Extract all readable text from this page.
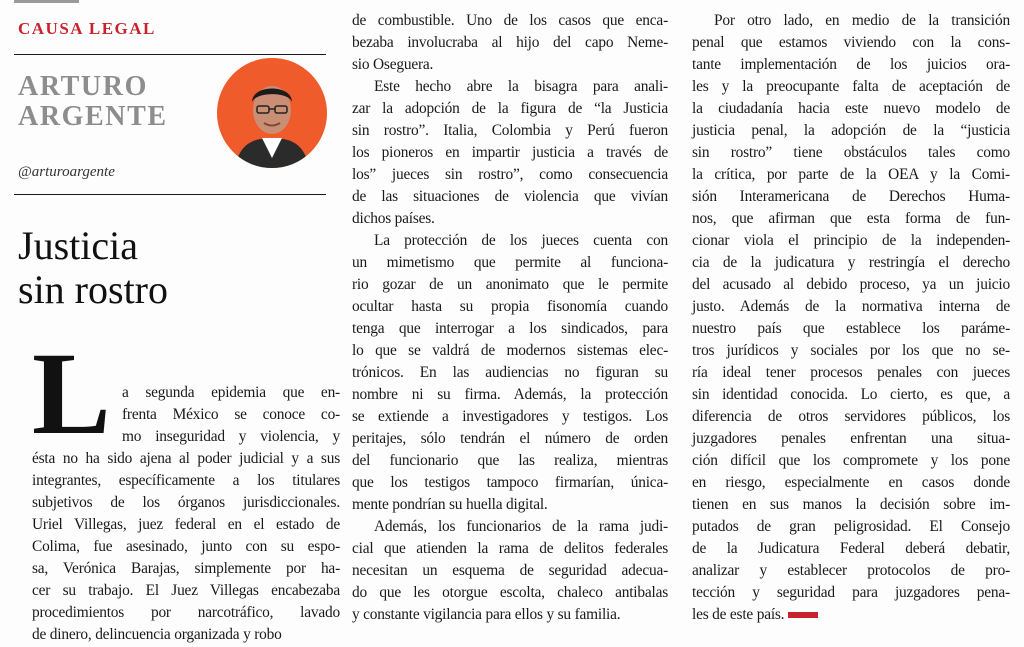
CAUSA LEGAL
ARTURO
ARGENTE
@arturoargente
Justicia
sin rostro
L a segunda epidemia que en-
frenta México se conoce co-
mo inseguridad y violencia, y
ésta no ha sido ajena al poder judicial y a sus
integrantes, específicamente a los titulares
subjetivos de los órganos jurisdiccionales.
Uriel Villegas, juez federal en el estado de
Colima, fue asesinado, junto con su espo-
sa, Verónica Barajas, simplemente por ha-
cer su trabajo. El Juez Villegas encabezaba
procedimientos por narcotráfico, lavado
de dinero, delincuencia organizada y robo
de combustible. Uno de los casos que enca-
bezaba involucraba al hijo del capo Neme-
sio Oseguera.
Este hecho abre la bisagra para anali-
zar la adopción de la figura de “la Justicia
sin rostro”. Italia, Colombia y Perú fueron
los pioneros en impartir justicia a través de
los” jueces sin rostro”, como consecuencia
de las situaciones de violencia que vivían
dichos países.
La protección de los jueces cuenta con
un mimetismo que permite al funciona-
rio gozar de un anonimato que le permite
ocultar hasta su propia fisonomía cuando
tenga que interrogar a los sindicados, para
lo que se valdrá de modernos sistemas elec-
trónicos. En las audiencias no figuran su
nombre ni su firma. Además, la protección
se extiende a investigadores y testigos. Los
peritajes, sólo tendrán el número de orden
del funcionario que las realiza, mientras
que los testigos tampoco firmarían, única-
mente pondrían su huella digital.
Además, los funcionarios de la rama judi-
cial que atienden la rama de delitos federales
necesitan un esquema de seguridad adecua-
do que les otorgue escolta, chaleco antibalas
y constante vigilancia para ellos y su familia.
Por otro lado, en medio de la transición
penal que estamos viviendo con la cons-
tante implementación de los juicios ora-
les y la preocupante falta de aceptación de
la ciudadanía hacia este nuevo modelo de
justicia penal, la adopción de la “justicia
sin rostro” tiene obstáculos tales como
la crítica, por parte de la OEA y la Comi-
sión Interamericana de Derechos Huma-
nos, que afirman que esta forma de fun-
cionar viola el principio de la independen-
cia de la judicatura y restringía el derecho
del acusado al debido proceso, ya un juicio
justo. Además de la normativa interna de
nuestro país que establece los paráme-
tros jurídicos y sociales por los que no se-
ría ideal tener procesos penales con jueces
sin identidad conocida. Lo cierto, es que, a
diferencia de otros servidores públicos, los
juzgadores penales enfrentan una situa-
ción difícil que los compromete y los pone
en riesgo, especialmente en casos donde
tienen en sus manos la decisión sobre im-
putados de gran peligrosidad. El Consejo
de la Judicatura Federal deberá debatir,
analizar y establecer protocolos de pro-
tección y seguridad para juzgadores pena-
les de este país.
